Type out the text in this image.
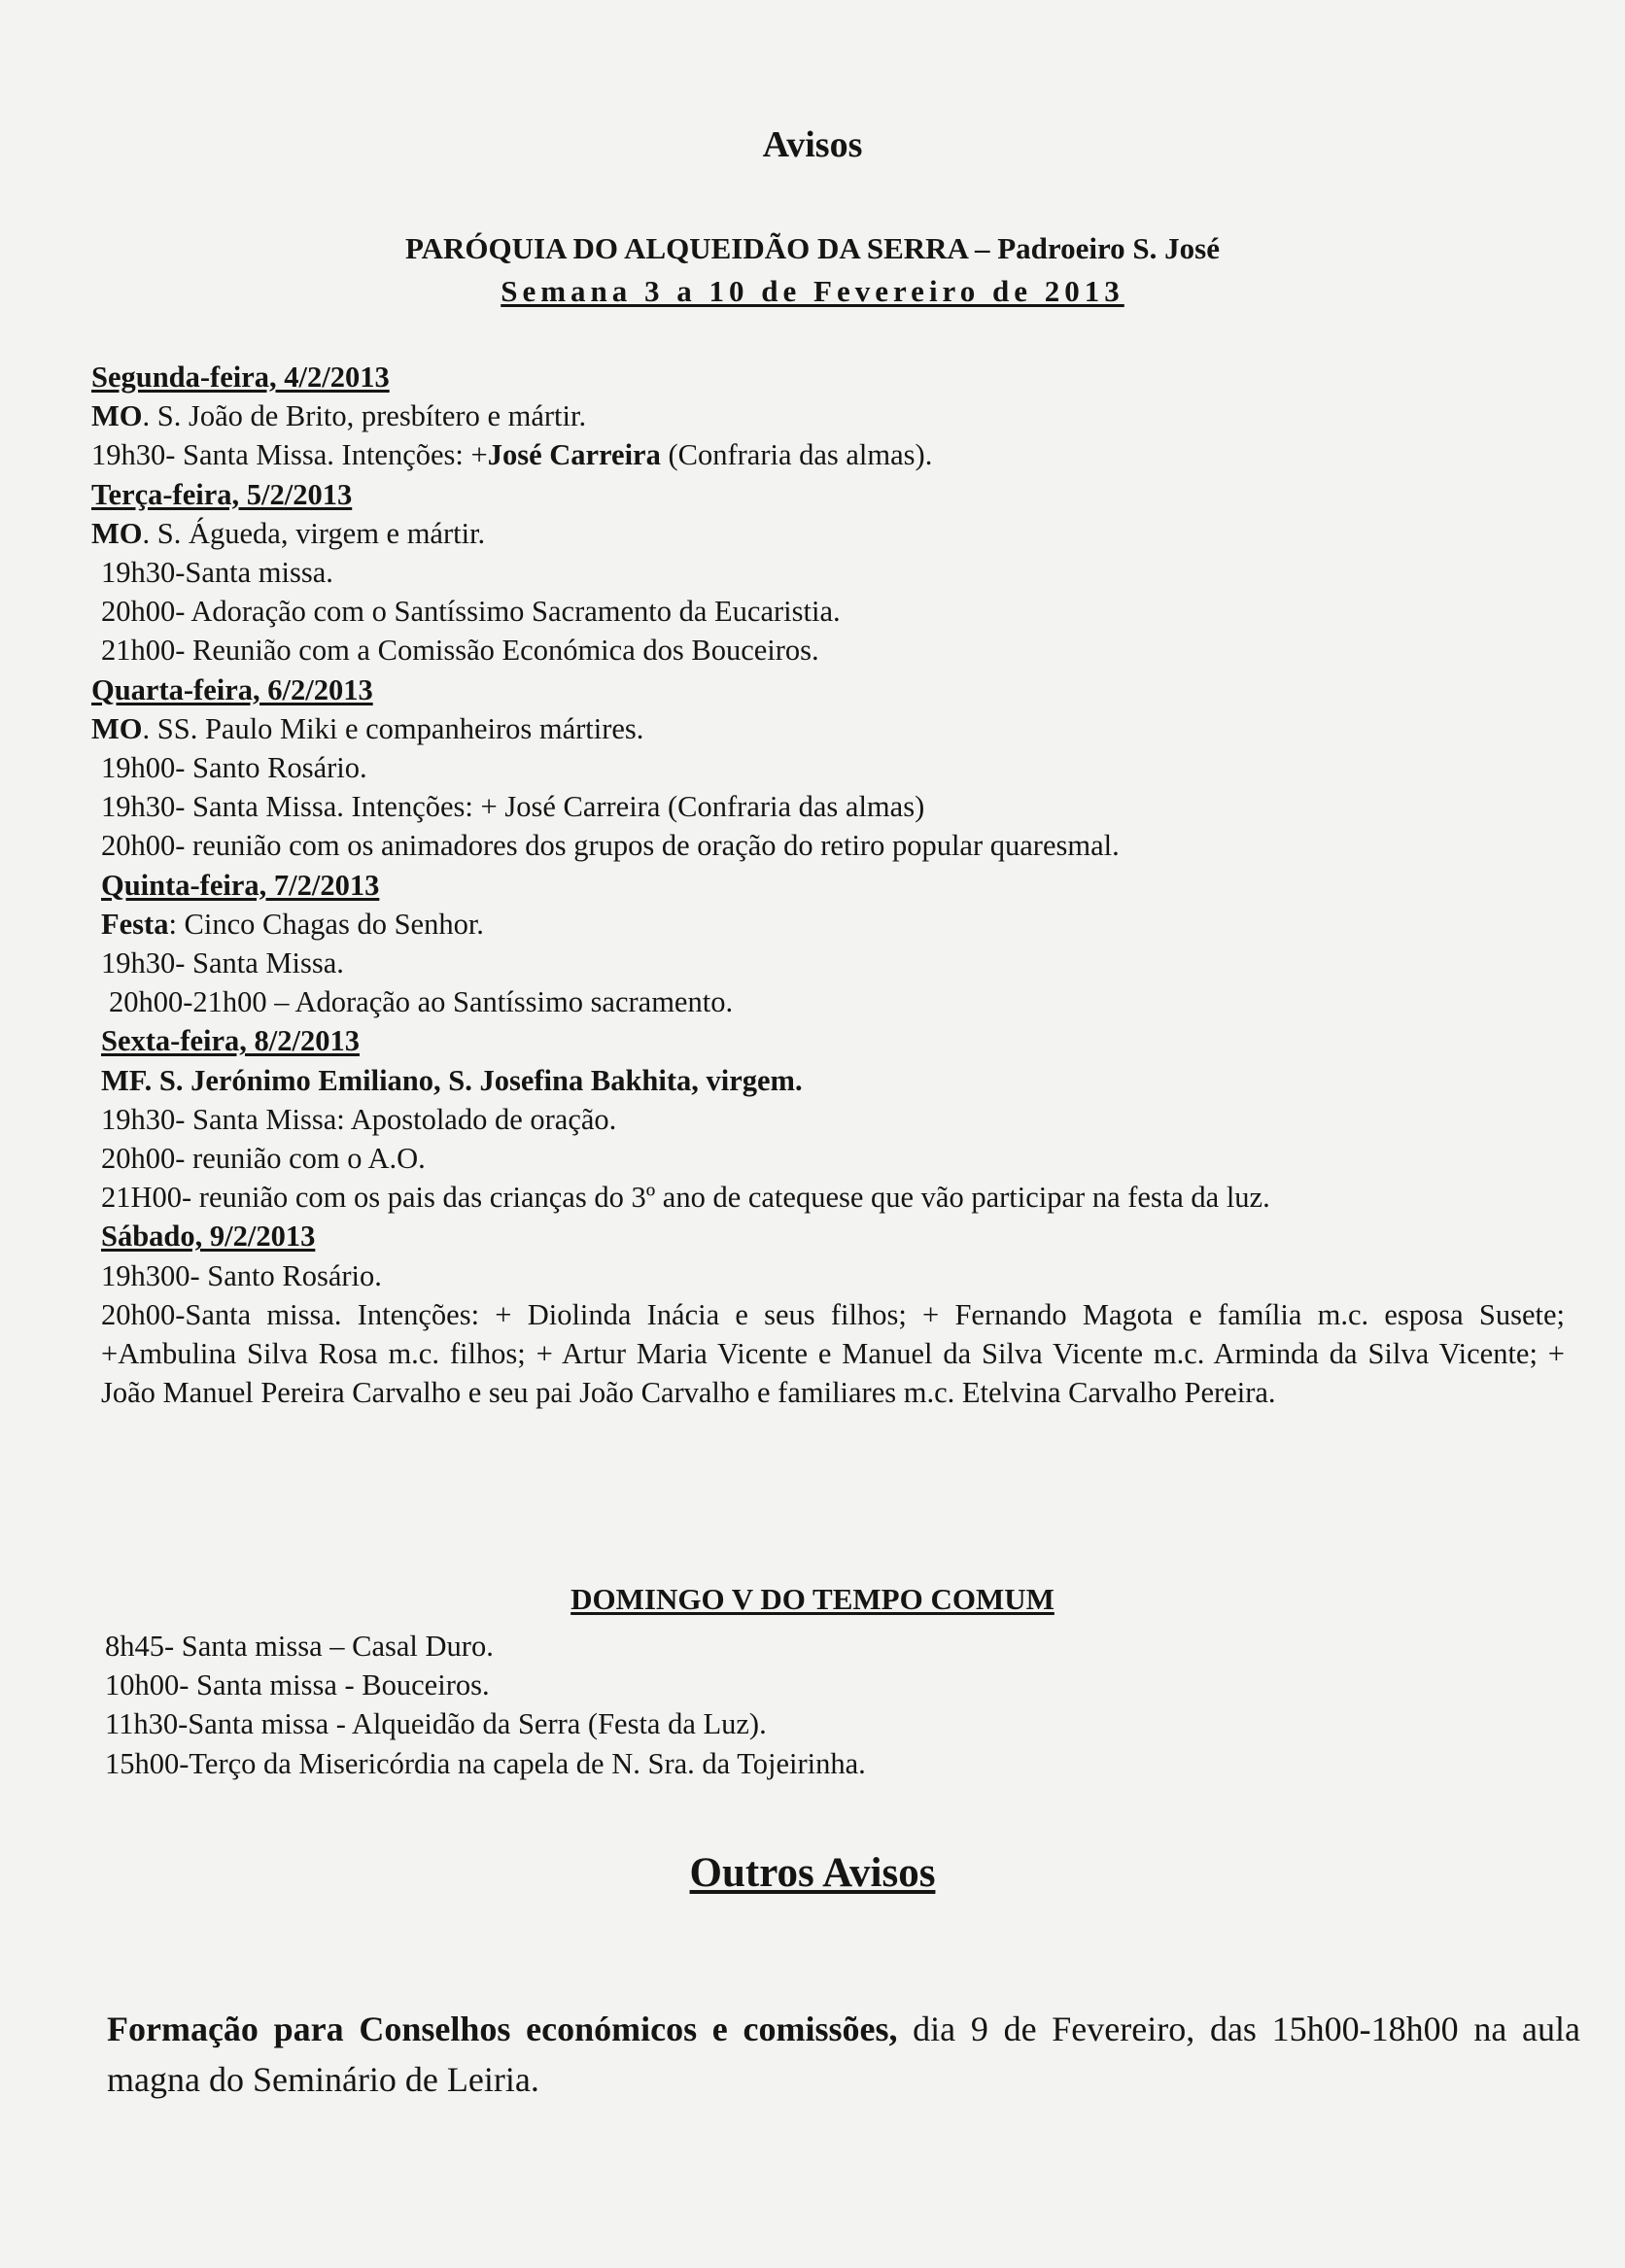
Avisos
PARÓQUIA DO ALQUEIDÃO DA SERRA – Padroeiro S. José
Semana 3 a 10 de Fevereiro de 2013
Segunda-feira, 4/2/2013
MO. S. João de Brito, presbítero e mártir.
19h30- Santa Missa. Intenções: +José Carreira (Confraria das almas).
Terça-feira, 5/2/2013
MO. S. Águeda, virgem e mártir.
19h30-Santa missa.
20h00- Adoração com o Santíssimo Sacramento da Eucaristia.
21h00- Reunião com a Comissão Económica dos Bouceiros.
Quarta-feira, 6/2/2013
MO. SS. Paulo Miki e companheiros mártires.
19h00- Santo Rosário.
19h30- Santa Missa. Intenções: + José Carreira (Confraria das almas)
20h00- reunião com os animadores dos grupos de oração do retiro popular quaresmal.
Quinta-feira, 7/2/2013
Festa: Cinco Chagas do Senhor.
19h30- Santa Missa.
20h00-21h00 – Adoração ao Santíssimo sacramento.
Sexta-feira, 8/2/2013
MF. S. Jerónimo Emiliano, S. Josefina Bakhita, virgem.
19h30- Santa Missa: Apostolado de oração.
20h00- reunião com o A.O.
21H00- reunião com os pais das crianças do 3º ano de catequese que vão participar na festa da luz.
Sábado, 9/2/2013
19h300- Santo Rosário.
20h00-Santa missa. Intenções: + Diolinda Inácia e seus filhos; + Fernando Magota e família m.c. esposa Susete; +Ambulina Silva Rosa m.c. filhos; + Artur Maria Vicente e Manuel da Silva Vicente m.c. Arminda da Silva Vicente; + João Manuel Pereira Carvalho e seu pai João Carvalho e familiares m.c. Etelvina Carvalho Pereira.
DOMINGO V DO TEMPO COMUM
8h45- Santa missa – Casal Duro.
10h00- Santa missa - Bouceiros.
11h30-Santa missa - Alqueidão da Serra (Festa da Luz).
15h00-Terço da Misericórdia na capela de N. Sra. da Tojeirinha.
Outros Avisos
Formação para Conselhos económicos e comissões, dia 9 de Fevereiro, das 15h00-18h00 na aula magna do Seminário de Leiria.
